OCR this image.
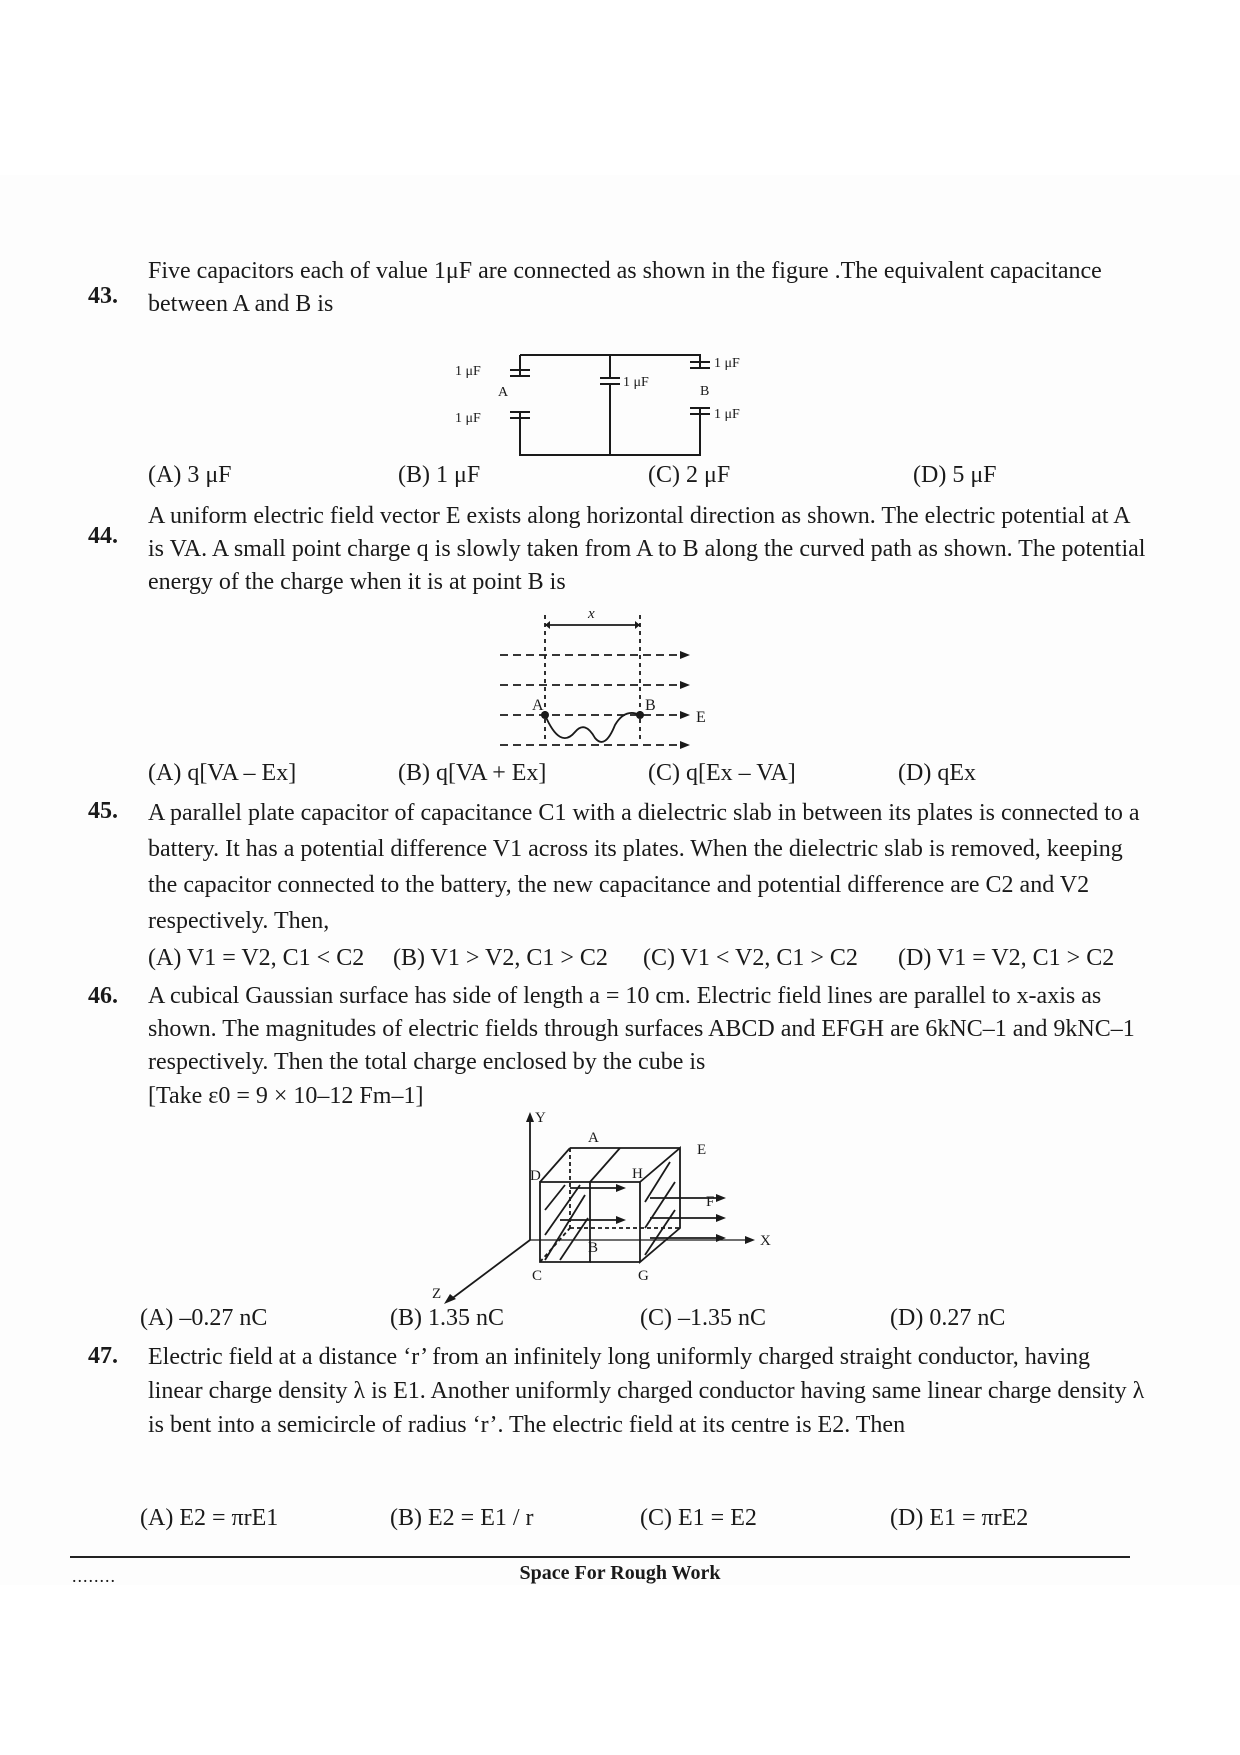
43.
Five capacitors each of value 1μF are connected as shown in the figure .The equivalent capacitance between A and B is
1 μF
A
1 μF
1 μF
1 μF
B
1 μF
(A) 3 μF	(B) 1 μF	(C) 2 μF	(D) 5 μF
44.
A uniform electric field vector E exists along horizontal direction as shown. The electric potential at A is VA. A small point charge q is slowly taken from A to B along the curved path as shown. The potential energy of the charge when it is at point B is
x
A	B
E
(A) q[VA – Ex]	(B) q[VA + Ex]	(C) q[Ex – VA]	(D) qEx
45. A parallel plate capacitor of capacitance C1 with a dielectric slab in between its plates is connected to a battery. It has a potential difference V1 across its plates. When the dielectric slab is removed, keeping the capacitor connected to the battery, the new capacitance and potential difference are C2 and V2 respectively. Then,
(A) V1 = V2, C1 < C2 (B) V1 > V2, C1 > C2 (C) V1 < V2, C1 > C2 (D) V1 = V2, C1 > C2
46. A cubical Gaussian surface has side of length a = 10 cm. Electric field lines are parallel to x-axis as shown. The magnitudes of electric fields through surfaces ABCD and EFGH are 6kNC–1 and 9kNC–1 respectively. Then the total charge enclosed by the cube is
[Take ε0 = 9 × 10–12 Fm–1]
Y
A
E
D	H
F
X
B
C	G
Z
(A) –0.27 nC	(B) 1.35 nC	(C) –1.35 nC	(D) 0.27 nC
47. Electric field at a distance ‘r’ from an infinitely long uniformly charged straight conductor, having linear charge density λ is E1. Another uniformly charged conductor having same linear charge density λ is bent into a semicircle of radius ‘r’. The electric field at its centre is E2. Then
(A) E2 = πrE1	(B) E2 = E1 / r	(C) E1 = E2	(D) E1 = πrE2
........	Space For Rough Work
